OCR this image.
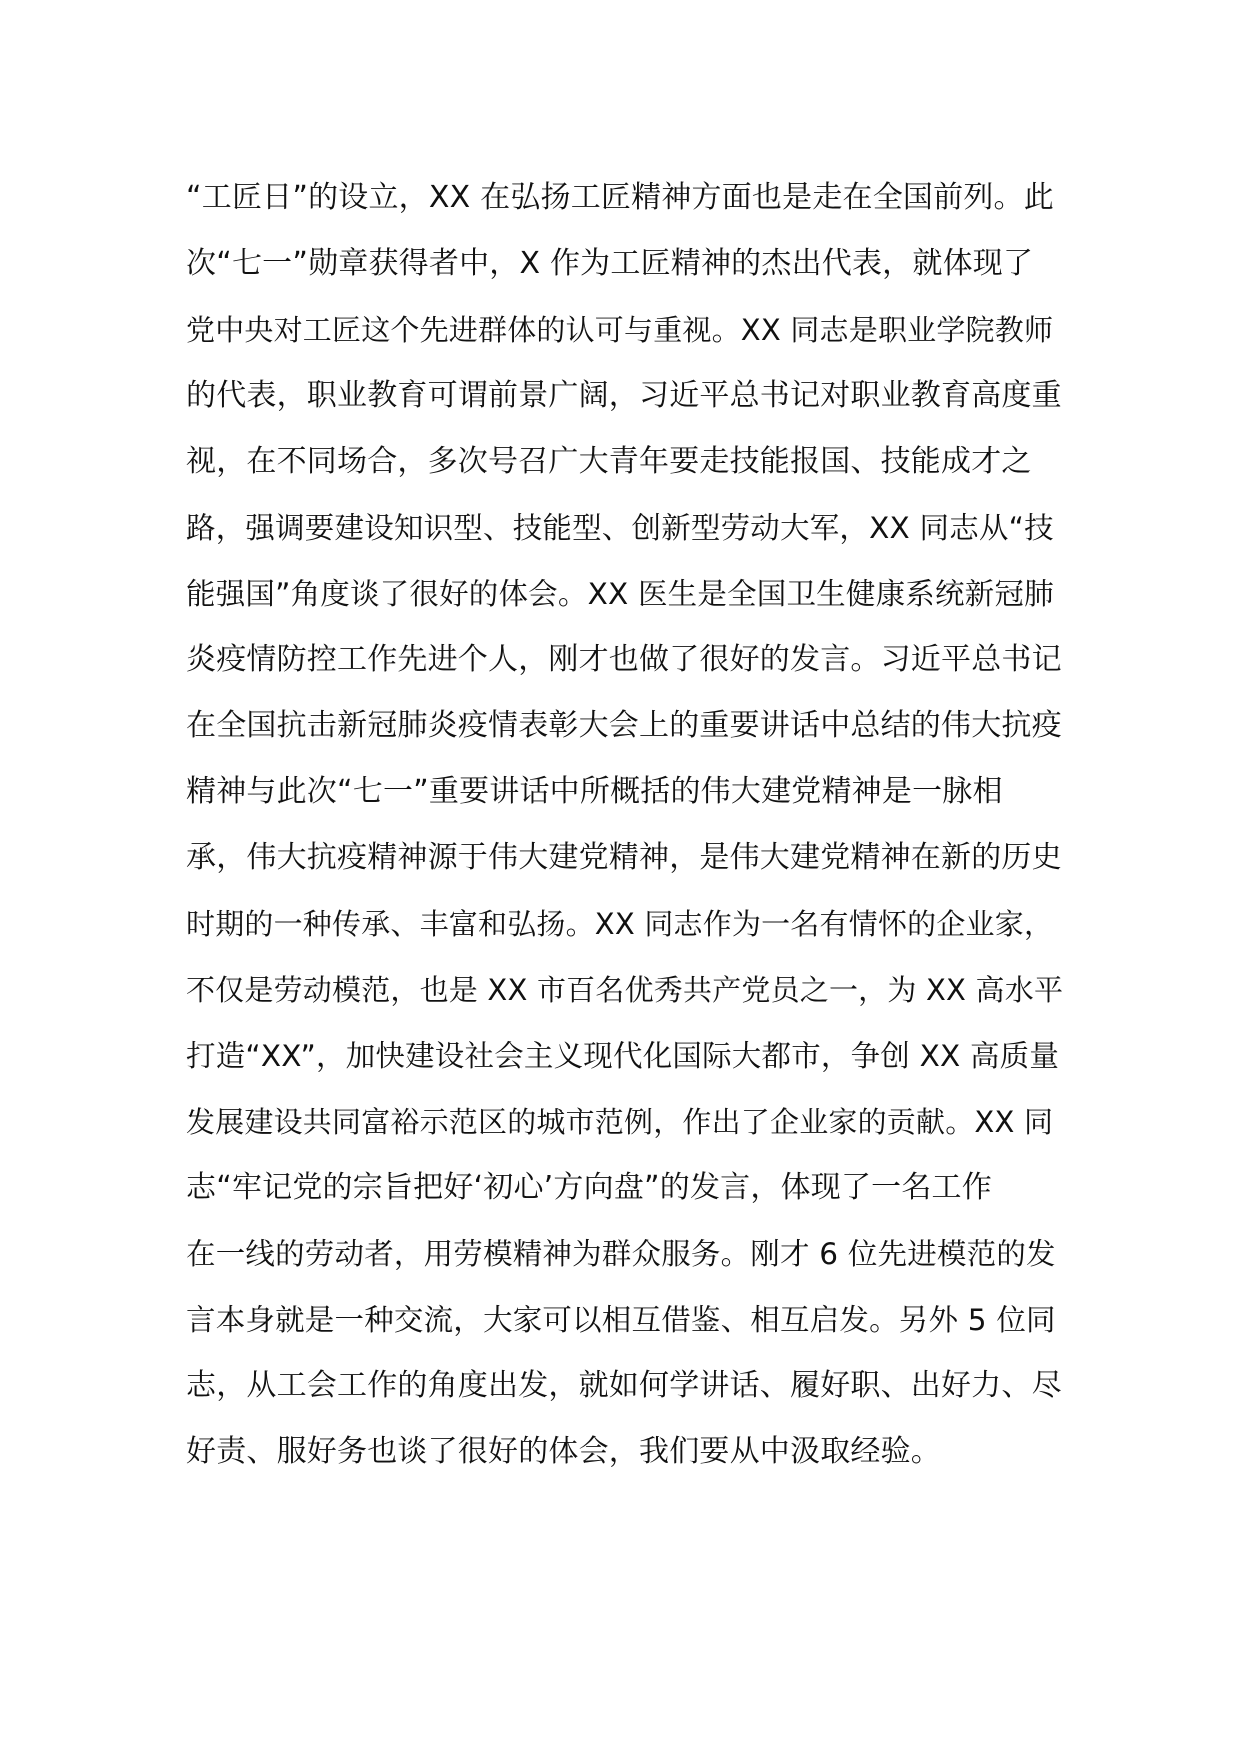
“工匠日”的设立，XX 在弘扬工匠精神方面也是走在全国前列。此
次“七一”勋章获得者中，X 作为工匠精神的杰出代表，就体现了
党中央对工匠这个先进群体的认可与重视。XX 同志是职业学院教师
的代表，职业教育可谓前景广阔，习近平总书记对职业教育高度重
视，在不同场合，多次号召广大青年要走技能报国、技能成才之
路，强调要建设知识型、技能型、创新型劳动大军，XX 同志从“技
能强国”角度谈了很好的体会。XX 医生是全国卫生健康系统新冠肺
炎疫情防控工作先进个人，刚才也做了很好的发言。习近平总书记
在全国抗击新冠肺炎疫情表彰大会上的重要讲话中总结的伟大抗疫
精神与此次“七一”重要讲话中所概括的伟大建党精神是一脉相
承，伟大抗疫精神源于伟大建党精神，是伟大建党精神在新的历史
时期的一种传承、丰富和弘扬。XX 同志作为一名有情怀的企业家，
不仅是劳动模范，也是 XX 市百名优秀共产党员之一，为 XX 高水平
打造“XX”，加快建设社会主义现代化国际大都市，争创 XX 高质量
发展建设共同富裕示范区的城市范例，作出了企业家的贡献。XX 同
志“牢记党的宗旨把好‘初心’方向盘”的发言，体现了一名工作
在一线的劳动者，用劳模精神为群众服务。刚才 6 位先进模范的发
言本身就是一种交流，大家可以相互借鉴、相互启发。另外 5 位同
志，从工会工作的角度出发，就如何学讲话、履好职、出好力、尽
好责、服好务也谈了很好的体会，我们要从中汲取经验。
